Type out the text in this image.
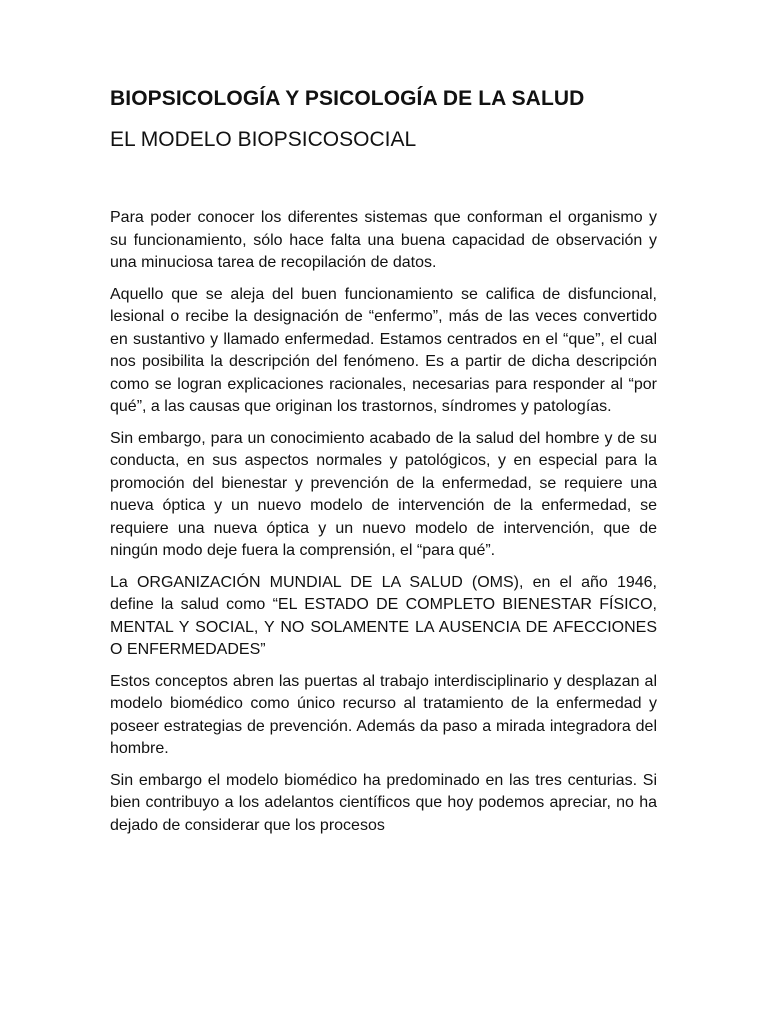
BIOPSICOLOGÍA Y PSICOLOGÍA DE LA SALUD
EL MODELO BIOPSICOSOCIAL

Para poder conocer los diferentes sistemas que conforman el organismo y su funcionamiento, sólo hace falta una buena capacidad de observación y una minuciosa tarea de recopilación de datos.

Aquello que se aleja del buen funcionamiento se califica de disfuncional, lesional o recibe la designación de “enfermo”, más de las veces convertido en sustantivo y llamado enfermedad. Estamos centrados en el “que”, el cual nos posibilita la descripción del fenómeno. Es a partir de dicha descripción como se logran explicaciones racionales, necesarias para responder al “por qué”, a las causas que originan los trastornos, síndromes y patologías.

Sin embargo, para un conocimiento acabado de la salud del hombre y de su conducta, en sus aspectos normales y patológicos, y en especial para la promoción del bienestar y prevención de la enfermedad, se requiere una nueva óptica y un nuevo modelo de intervención de la enfermedad, se requiere una nueva óptica y un nuevo modelo de intervención, que de ningún modo deje fuera la comprensión, el “para qué”.

La ORGANIZACIÓN MUNDIAL DE LA SALUD (OMS), en el año 1946, define la salud como “EL ESTADO DE COMPLETO BIENESTAR FÍSICO, MENTAL Y SOCIAL, Y NO SOLAMENTE LA AUSENCIA DE AFECCIONES O ENFERMEDADES”

Estos conceptos abren las puertas al trabajo interdisciplinario y desplazan al modelo biomédico como único recurso al tratamiento de la enfermedad y poseer estrategias de prevención. Además da paso a mirada integradora del hombre.

Sin embargo el modelo biomédico ha predominado en las tres centurias. Si bien contribuyo a los adelantos científicos que hoy podemos apreciar, no ha dejado de considerar que los procesos
